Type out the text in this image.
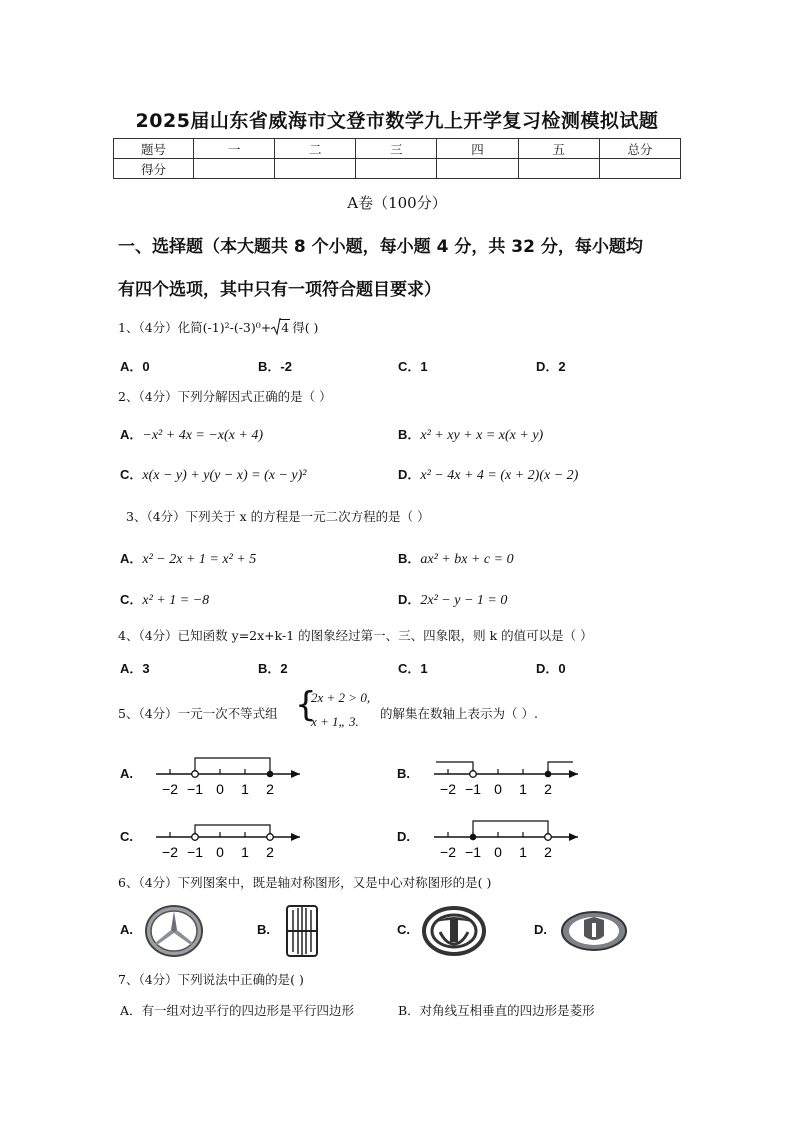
2025届山东省威海市文登市数学九上开学复习检测模拟试题
题号	一	二	三	四	五	总分
得分						
A卷（100分）
一、选择题（本大题共 8 个小题，每小题 4 分，共 32 分，每小题均
有四个选项，其中只有一项符合题目要求）
1、（4分）化简(-1)²-(-3)⁰+ 4 得( )
A．0	B．-2	C．1	D．2
2、（4分）下列分解因式正确的是（ ）
A．−x² + 4x = −x(x + 4)	B．x² + xy + x = x(x + y)
C．x(x − y) + y(y − x) = (x − y)²	D．x² − 4x + 4 = (x + 2)(x − 2)
3、（4分）下列关于 x 的方程是一元二次方程的是（ ）
A．x² − 2x + 1 = x² + 5	B．ax² + bx + c = 0
C．x² + 1 = −8	D．2x² − y − 1 = 0
4、（4分）已知函数 y=2x+k-1 的图象经过第一、三、四象限，则 k 的值可以是（ ）
A．3	B．2	C．1	D．0
5、（4分）一元一次不等式组 {
2x + 2 > 0,
x + 1„ 3.
的解集在数轴上表示为（ ）.
A.	B.
C.	D.
−2 −1 0 1 2	−2 −1 0 1 2
−2 −1 0 1 2	−2 −1 0 1 2
6、（4分）下列图案中，既是轴对称图形，又是中心对称图形的是( )
A.	B.	C.	D.
7、（4分）下列说法中正确的是( )
A．有一组对边平行的四边形是平行四边形	B．对角线互相垂直的四边形是菱形
